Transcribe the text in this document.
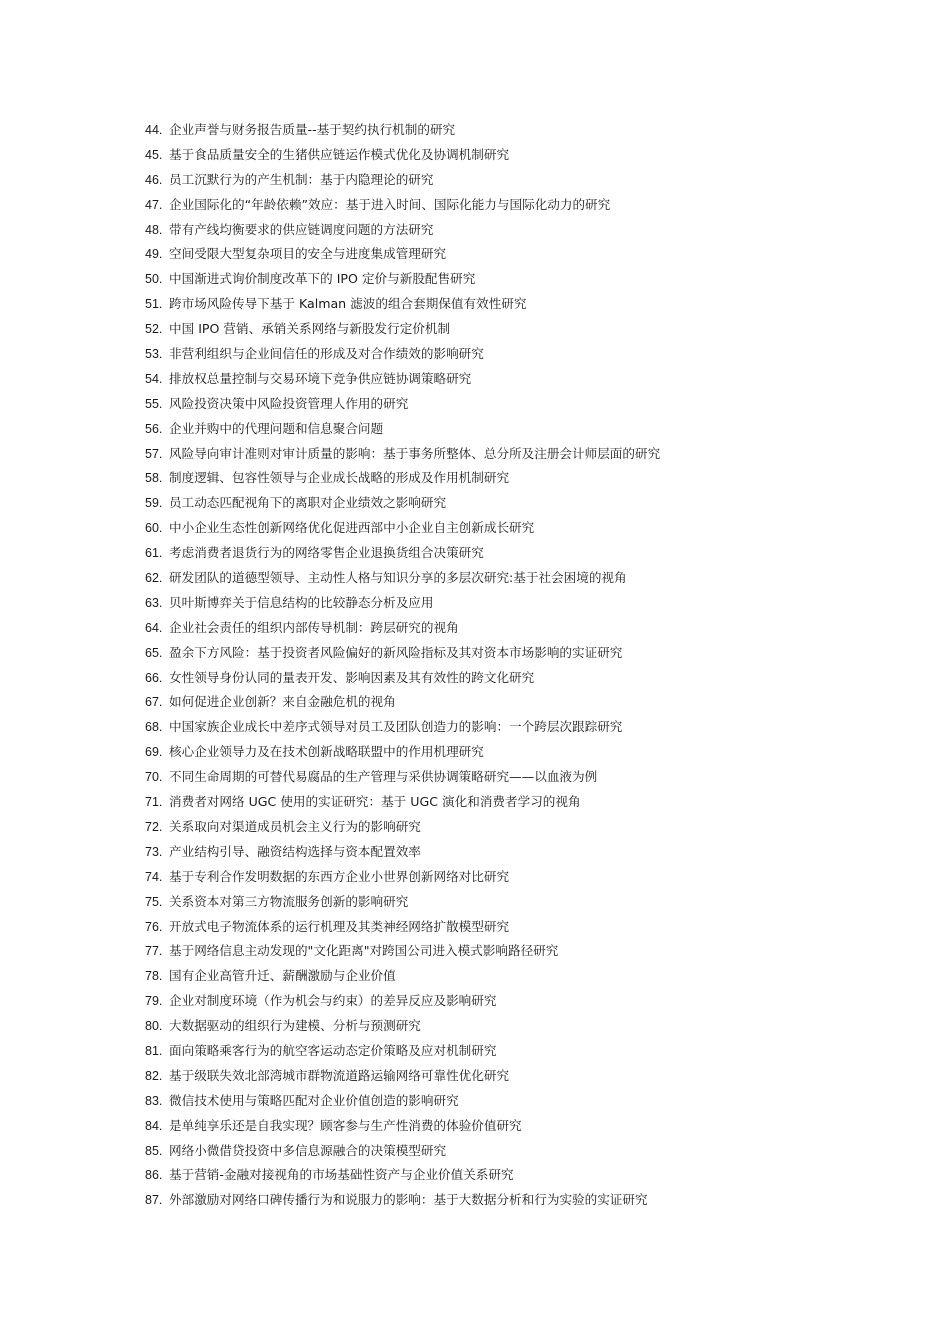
44. 企业声誉与财务报告质量--基于契约执行机制的研究
45. 基于食品质量安全的生猪供应链运作模式优化及协调机制研究
46. 员工沉默行为的产生机制：基于内隐理论的研究
47. 企业国际化的“年龄依赖”效应：基于进入时间、国际化能力与国际化动力的研究
48. 带有产线均衡要求的供应链调度问题的方法研究
49. 空间受限大型复杂项目的安全与进度集成管理研究
50. 中国渐进式询价制度改革下的 IPO 定价与新股配售研究
51. 跨市场风险传导下基于 Kalman 滤波的组合套期保值有效性研究
52. 中国 IPO 营销、承销关系网络与新股发行定价机制
53. 非营利组织与企业间信任的形成及对合作绩效的影响研究
54. 排放权总量控制与交易环境下竞争供应链协调策略研究
55. 风险投资决策中风险投资管理人作用的研究
56. 企业并购中的代理问题和信息聚合问题
57. 风险导向审计准则对审计质量的影响：基于事务所整体、总分所及注册会计师层面的研究
58. 制度逻辑、包容性领导与企业成长战略的形成及作用机制研究
59. 员工动态匹配视角下的离职对企业绩效之影响研究
60. 中小企业生态性创新网络优化促进西部中小企业自主创新成长研究
61. 考虑消费者退货行为的网络零售企业退换货组合决策研究
62. 研发团队的道德型领导、主动性人格与知识分享的多层次研究:基于社会困境的视角
63. 贝叶斯博弈关于信息结构的比较静态分析及应用
64. 企业社会责任的组织内部传导机制：跨层研究的视角
65. 盈余下方风险：基于投资者风险偏好的新风险指标及其对资本市场影响的实证研究
66. 女性领导身份认同的量表开发、影响因素及其有效性的跨文化研究
67. 如何促进企业创新？来自金融危机的视角
68. 中国家族企业成长中差序式领导对员工及团队创造力的影响：一个跨层次跟踪研究
69. 核心企业领导力及在技术创新战略联盟中的作用机理研究
70. 不同生命周期的可替代易腐品的生产管理与采供协调策略研究——以血液为例
71. 消费者对网络 UGC 使用的实证研究：基于 UGC 演化和消费者学习的视角
72. 关系取向对渠道成员机会主义行为的影响研究
73. 产业结构引导、融资结构选择与资本配置效率
74. 基于专利合作发明数据的东西方企业小世界创新网络对比研究
75. 关系资本对第三方物流服务创新的影响研究
76. 开放式电子物流体系的运行机理及其类神经网络扩散模型研究
77. 基于网络信息主动发现的"文化距离"对跨国公司进入模式影响路径研究
78. 国有企业高管升迁、薪酬激励与企业价值
79. 企业对制度环境（作为机会与约束）的差异反应及影响研究
80. 大数据驱动的组织行为建模、分析与预测研究
81. 面向策略乘客行为的航空客运动态定价策略及应对机制研究
82. 基于级联失效北部湾城市群物流道路运输网络可靠性优化研究
83. 微信技术使用与策略匹配对企业价值创造的影响研究
84. 是单纯享乐还是自我实现？顾客参与生产性消费的体验价值研究
85. 网络小微借贷投资中多信息源融合的决策模型研究
86. 基于营销-金融对接视角的市场基础性资产与企业价值关系研究
87. 外部激励对网络口碑传播行为和说服力的影响：基于大数据分析和行为实验的实证研究
